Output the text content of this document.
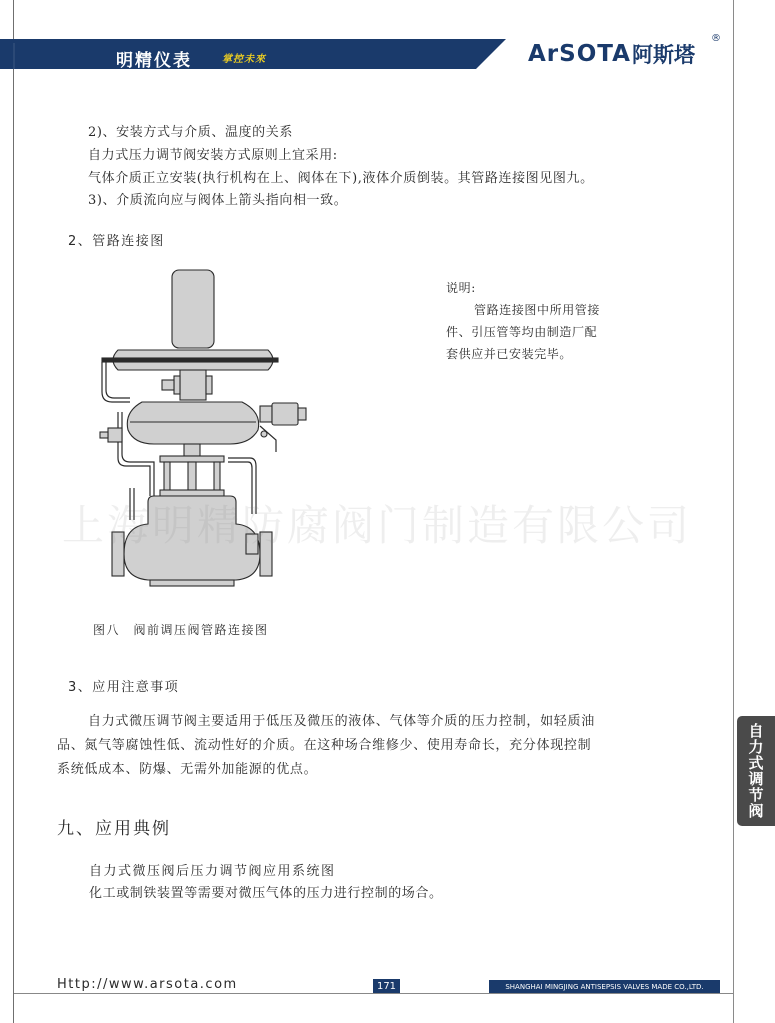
明精仪表	掌控未來	ArSOTA 阿斯塔
®
2)、安装方式与介质、温度的关系
自力式压力调节阀安装方式原则上宜采用:
气体介质正立安装(执行机构在上、阀体在下),液体介质倒装。其管路连接图见图九。
3)、介质流向应与阀体上箭头指向相一致。
2、管路连接图
说明:
管路连接图中所用管接
件、引压管等均由制造厂配
套供应并已安装完毕。
上海明精防腐阀门制造有限公司
图八　阀前调压阀管路连接图
3、应用注意事项
自力式微压调节阀主要适用于低压及微压的液体、气体等介质的压力控制，如轻质油
品、氮气等腐蚀性低、流动性好的介质。在这种场合维修少、使用寿命长，充分体现控制
系统低成本、防爆、无需外加能源的优点。
九、应用典例
自力式微压阀后压力调节阀应用系统图
化工或制铁装置等需要对微压气体的压力进行控制的场合。
自力式调节阀
Http://www.arsota.com	171	SHANGHAI MINGJING ANTISEPSIS VALVES MADE CO.,LTD.
